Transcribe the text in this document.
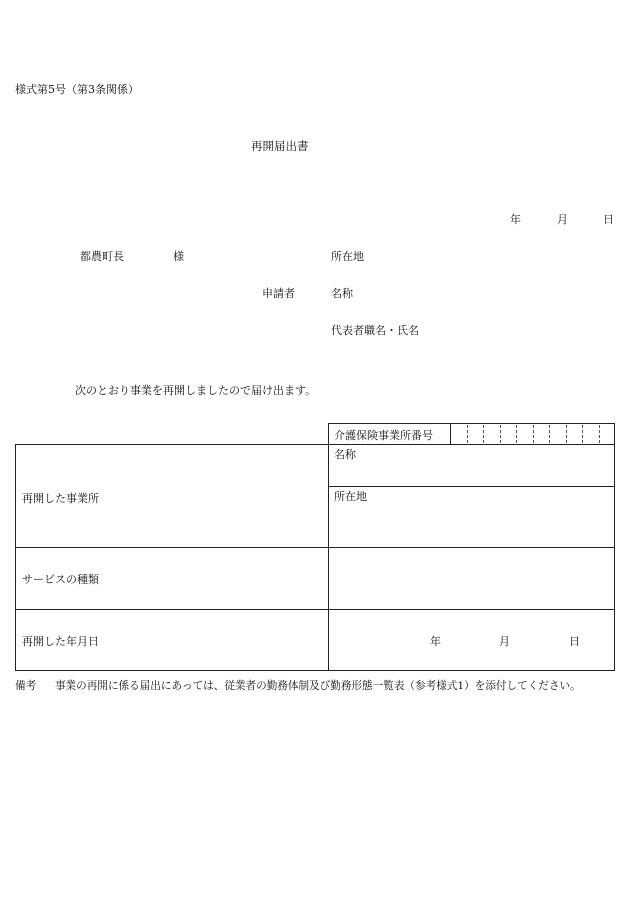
様式第5号（第3条関係）
再開届出書
年	月	日
都農町長	様	所在地
申請者	名称
代表者職名・氏名
次のとおり事業を再開しましたので届け出ます。
介護保険事業所番号
再開した事業所
名称
所在地
サービスの種類
再開した年月日	年	月	日
備考 事業の再開に係る届出にあっては、従業者の勤務体制及び勤務形態一覧表（参考様式1）を添付してください。
